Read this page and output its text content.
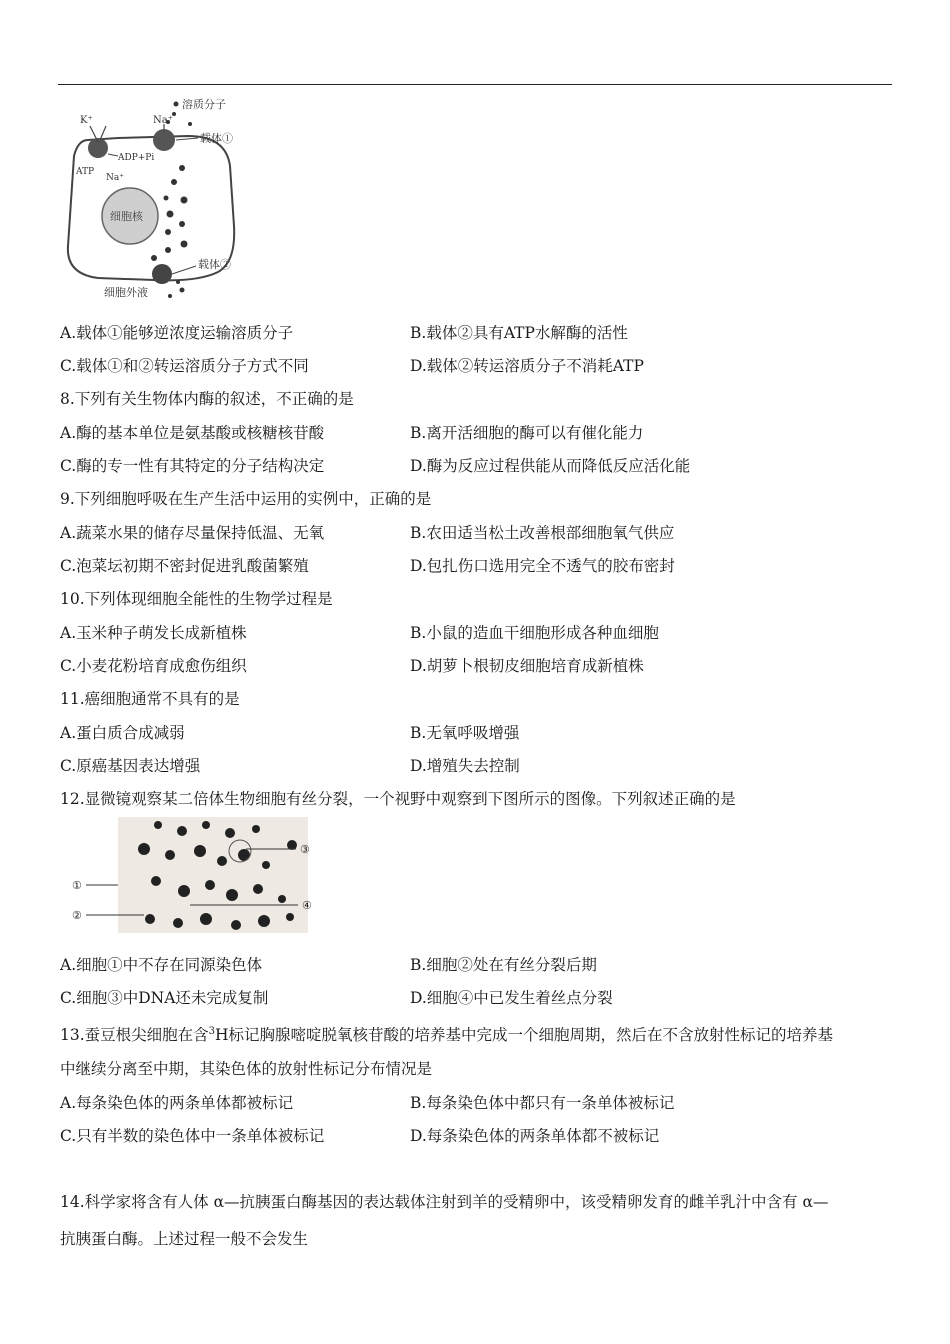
K⁺	Na⁺
溶质分子
载体①
ADP+Pi
ATP
Na⁺
细胞核
载体②
细胞外液
A.载体①能够逆浓度运输溶质分子	B.载体②具有ATP水解酶的活性
C.载体①和②转运溶质分子方式不同	D.载体②转运溶质分子不消耗ATP
8.下列有关生物体内酶的叙述，不正确的是
A.酶的基本单位是氨基酸或核糖核苷酸	B.离开活细胞的酶可以有催化能力
C.酶的专一性有其特定的分子结构决定	D.酶为反应过程供能从而降低反应活化能
9.下列细胞呼吸在生产生活中运用的实例中，正确的是
A.蔬菜水果的储存尽量保持低温、无氧	B.农田适当松土改善根部细胞氧气供应
C.泡菜坛初期不密封促进乳酸菌繁殖	D.包扎伤口选用完全不透气的胶布密封
10.下列体现细胞全能性的生物学过程是
A.玉米种子萌发长成新植株	B.小鼠的造血干细胞形成各种血细胞
C.小麦花粉培育成愈伤组织	D.胡萝卜根韧皮细胞培育成新植株
11.癌细胞通常不具有的是
A.蛋白质合成减弱	B.无氧呼吸增强
C.原癌基因表达增强	D.增殖失去控制
12.显微镜观察某二倍体生物细胞有丝分裂，一个视野中观察到下图所示的图像。下列叙述正确的是
①
②
③
④
A.细胞①中不存在同源染色体	B.细胞②处在有丝分裂后期
C.细胞③中DNA还未完成复制	D.细胞④中已发生着丝点分裂
13.蚕豆根尖细胞在含$^3$H标记胸腺嘧啶脱氧核苷酸的培养基中完成一个细胞周期，然后在不含放射性标记的培养基
中继续分离至中期，其染色体的放射性标记分布情况是
A.每条染色体的两条单体都被标记	B.每条染色体中都只有一条单体被标记
C.只有半数的染色体中一条单体被标记	D.每条染色体的两条单体都不被标记
14.科学家将含有人体 α—抗胰蛋白酶基因的表达载体注射到羊的受精卵中，该受精卵发育的雌羊乳汁中含有 α—
抗胰蛋白酶。上述过程一般不会发生
